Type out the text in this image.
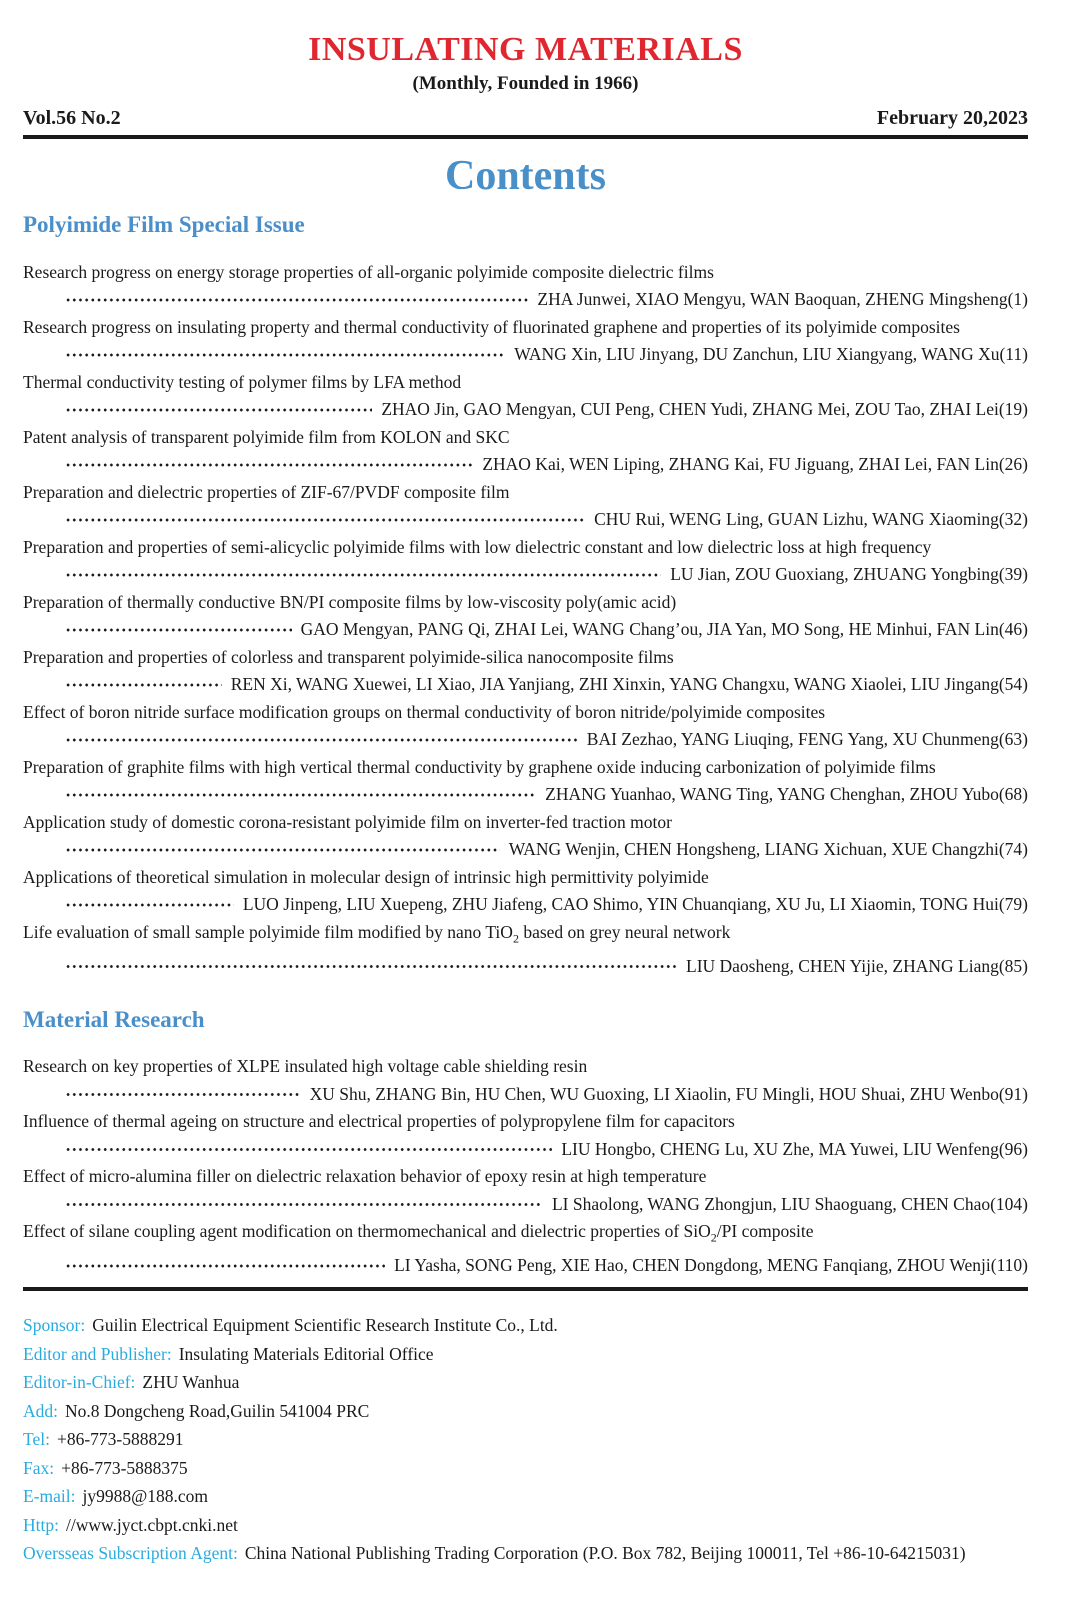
INSULATING MATERIALS
(Monthly, Founded in 1966)
Vol.56 No.2	February 20,2023
Contents
Polyimide Film Special Issue
Research progress on energy storage properties of all-organic polyimide composite dielectric films
ZHA Junwei, XIAO Mengyu, WAN Baoquan, ZHENG Mingsheng(1)
Research progress on insulating property and thermal conductivity of fluorinated graphene and properties of its polyimide composites
WANG Xin, LIU Jinyang, DU Zanchun, LIU Xiangyang, WANG Xu(11)
Thermal conductivity testing of polymer films by LFA method
ZHAO Jin, GAO Mengyan, CUI Peng, CHEN Yudi, ZHANG Mei, ZOU Tao, ZHAI Lei(19)
Patent analysis of transparent polyimide film from KOLON and SKC
ZHAO Kai, WEN Liping, ZHANG Kai, FU Jiguang, ZHAI Lei, FAN Lin(26)
Preparation and dielectric properties of ZIF-67/PVDF composite film
CHU Rui, WENG Ling, GUAN Lizhu, WANG Xiaoming(32)
Preparation and properties of semi-alicyclic polyimide films with low dielectric constant and low dielectric loss at high frequency
LU Jian, ZOU Guoxiang, ZHUANG Yongbing(39)
Preparation of thermally conductive BN/PI composite films by low-viscosity poly(amic acid)
GAO Mengyan, PANG Qi, ZHAI Lei, WANG Chang’ou, JIA Yan, MO Song, HE Minhui, FAN Lin(46)
Preparation and properties of colorless and transparent polyimide-silica nanocomposite films
REN Xi, WANG Xuewei, LI Xiao, JIA Yanjiang, ZHI Xinxin, YANG Changxu, WANG Xiaolei, LIU Jingang(54)
Effect of boron nitride surface modification groups on thermal conductivity of boron nitride/polyimide composites
BAI Zezhao, YANG Liuqing, FENG Yang, XU Chunmeng(63)
Preparation of graphite films with high vertical thermal conductivity by graphene oxide inducing carbonization of polyimide films
ZHANG Yuanhao, WANG Ting, YANG Chenghan, ZHOU Yubo(68)
Application study of domestic corona-resistant polyimide film on inverter-fed traction motor
WANG Wenjin, CHEN Hongsheng, LIANG Xichuan, XUE Changzhi(74)
Applications of theoretical simulation in molecular design of intrinsic high permittivity polyimide
LUO Jinpeng, LIU Xuepeng, ZHU Jiafeng, CAO Shimo, YIN Chuanqiang, XU Ju, LI Xiaomin, TONG Hui(79)
Life evaluation of small sample polyimide film modified by nano TiO$_2$ based on grey neural network
LIU Daosheng, CHEN Yijie, ZHANG Liang(85)
Material Research
Research on key properties of XLPE insulated high voltage cable shielding resin
XU Shu, ZHANG Bin, HU Chen, WU Guoxing, LI Xiaolin, FU Mingli, HOU Shuai, ZHU Wenbo(91)
Influence of thermal ageing on structure and electrical properties of polypropylene film for capacitors
LIU Hongbo, CHENG Lu, XU Zhe, MA Yuwei, LIU Wenfeng(96)
Effect of micro-alumina filler on dielectric relaxation behavior of epoxy resin at high temperature
LI Shaolong, WANG Zhongjun, LIU Shaoguang, CHEN Chao(104)
Effect of silane coupling agent modification on thermomechanical and dielectric properties of SiO$_2$/PI composite
LI Yasha, SONG Peng, XIE Hao, CHEN Dongdong, MENG Fanqiang, ZHOU Wenji(110)
Sponsor: Guilin Electrical Equipment Scientific Research Institute Co., Ltd.
Editor and Publisher: Insulating Materials Editorial Office
Editor-in-Chief: ZHU Wanhua
Add: No.8 Dongcheng Road,Guilin 541004 PRC
Tel: +86-773-5888291
Fax: +86-773-5888375
E-mail: jy9988@188.com
Http: //www.jyct.cbpt.cnki.net
Oversseas Subscription Agent: China National Publishing Trading Corporation (P.O. Box 782, Beijing 100011, Tel +86-10-64215031)
